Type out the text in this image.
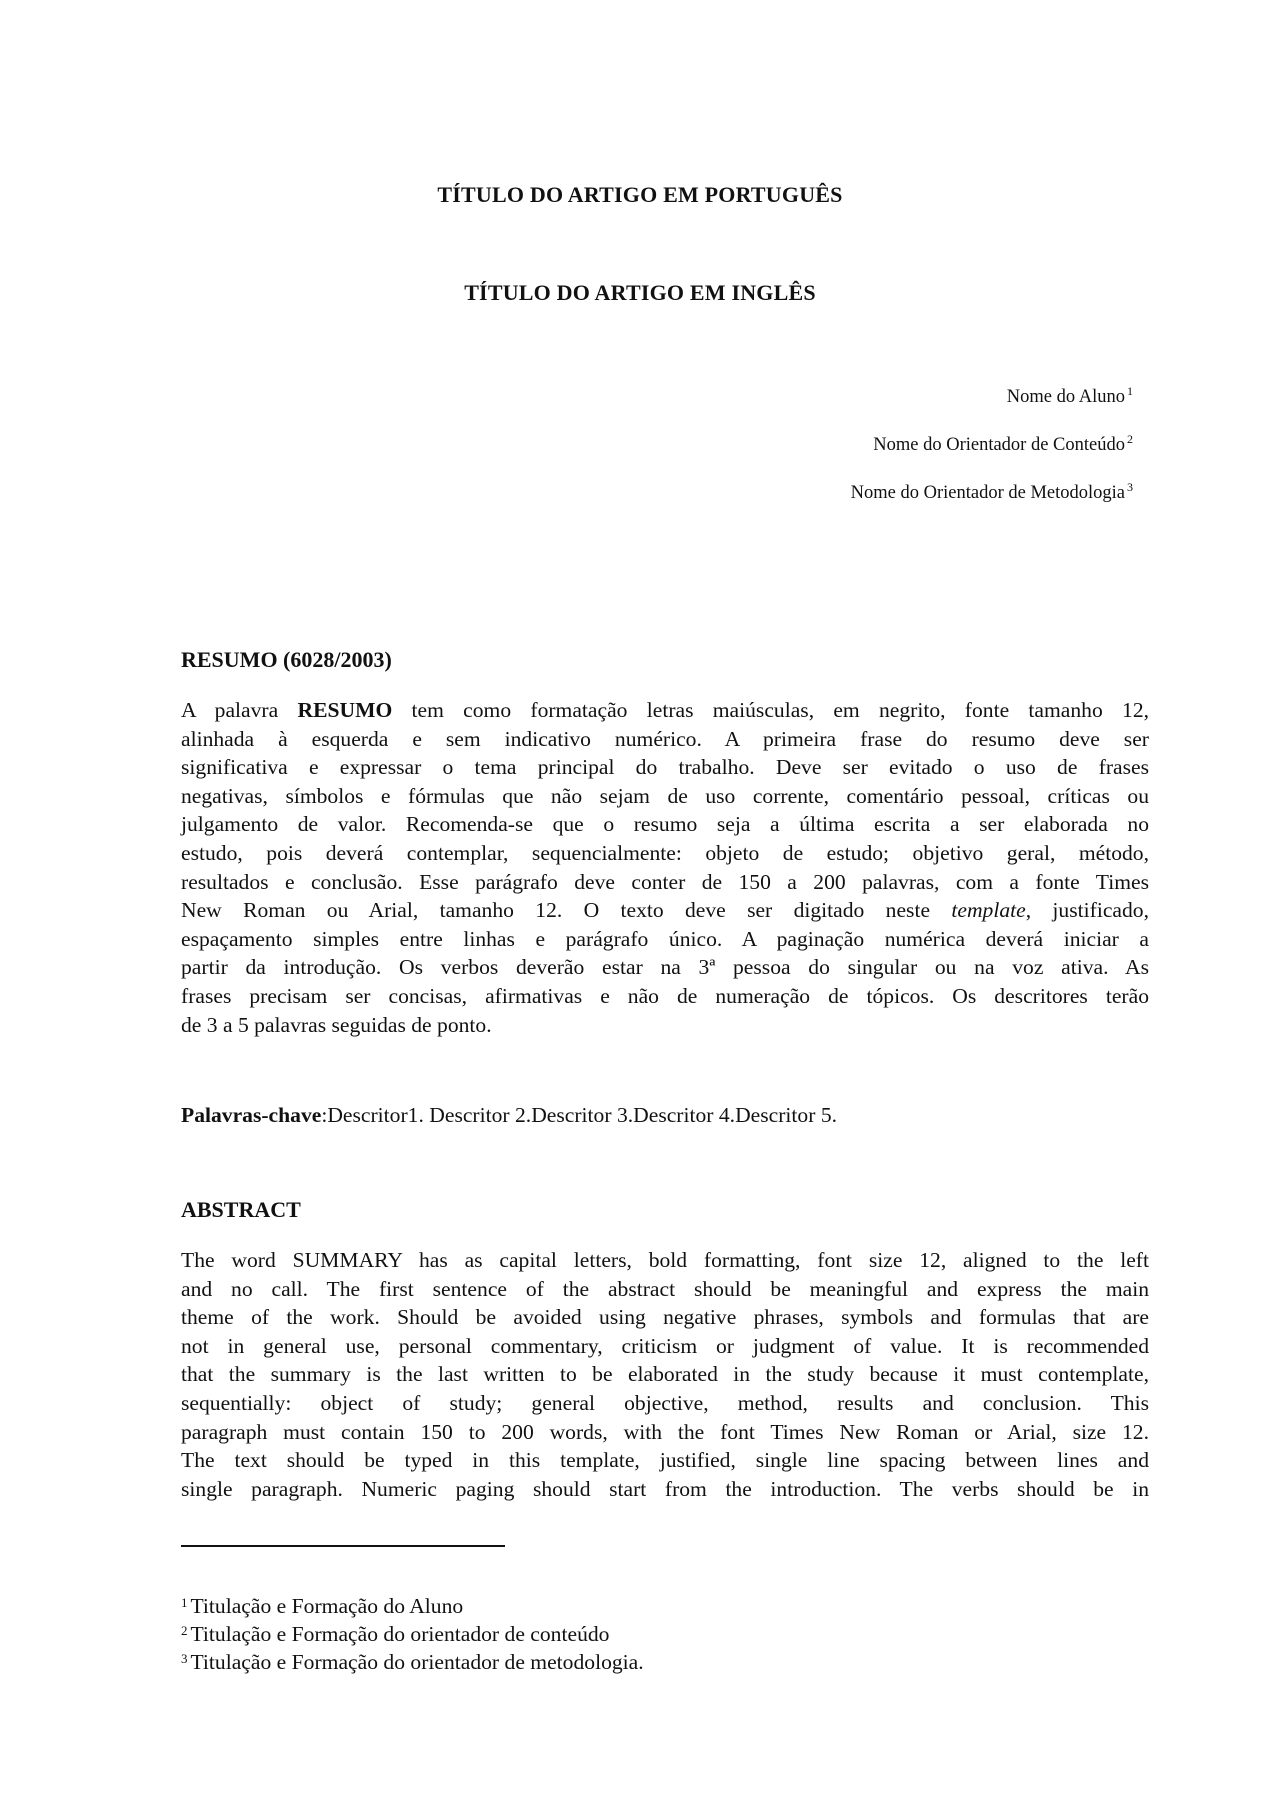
TÍTULO DO ARTIGO EM PORTUGUÊS
TÍTULO DO ARTIGO EM INGLÊS
Nome do Aluno $^1$
Nome do Orientador de Conteúdo $^2$
Nome do Orientador de Metodologia $^3$
RESUMO (6028/2003)
A palavra RESUMO tem como formatação letras maiúsculas, em negrito, fonte tamanho 12,
alinhada à esquerda e sem indicativo numérico. A primeira frase do resumo deve ser
significativa e expressar o tema principal do trabalho. Deve ser evitado o uso de frases
negativas, símbolos e fórmulas que não sejam de uso corrente, comentário pessoal, críticas ou
julgamento de valor. Recomenda-se que o resumo seja a última escrita a ser elaborada no
estudo, pois deverá contemplar, sequencialmente: objeto de estudo; objetivo geral, método,
resultados e conclusão. Esse parágrafo deve conter de 150 a 200 palavras, com a fonte Times
New Roman ou Arial, tamanho 12. O texto deve ser digitado neste template, justificado,
espaçamento simples entre linhas e parágrafo único. A paginação numérica deverá iniciar a
partir da introdução. Os verbos deverão estar na 3ª pessoa do singular ou na voz ativa. As
frases precisam ser concisas, afirmativas e não de numeração de tópicos. Os descritores terão
de 3 a 5 palavras seguidas de ponto.
Palavras-chave:Descritor1. Descritor 2.Descritor 3.Descritor 4.Descritor 5.
ABSTRACT
The word SUMMARY has as capital letters, bold formatting, font size 12, aligned to the left
and no call. The first sentence of the abstract should be meaningful and express the main
theme of the work. Should be avoided using negative phrases, symbols and formulas that are
not in general use, personal commentary, criticism or judgment of value. It is recommended
that the summary is the last written to be elaborated in the study because it must contemplate,
sequentially: object of study; general objective, method, results and conclusion. This
paragraph must contain 150 to 200 words, with the font Times New Roman or Arial, size 12.
The text should be typed in this template, justified, single line spacing between lines and
single paragraph. Numeric paging should start from the introduction. The verbs should be in
$^1$ Titulação e Formação do Aluno
$^2$ Titulação e Formação do orientador de conteúdo
$^3$ Titulação e Formação do orientador de metodologia.
